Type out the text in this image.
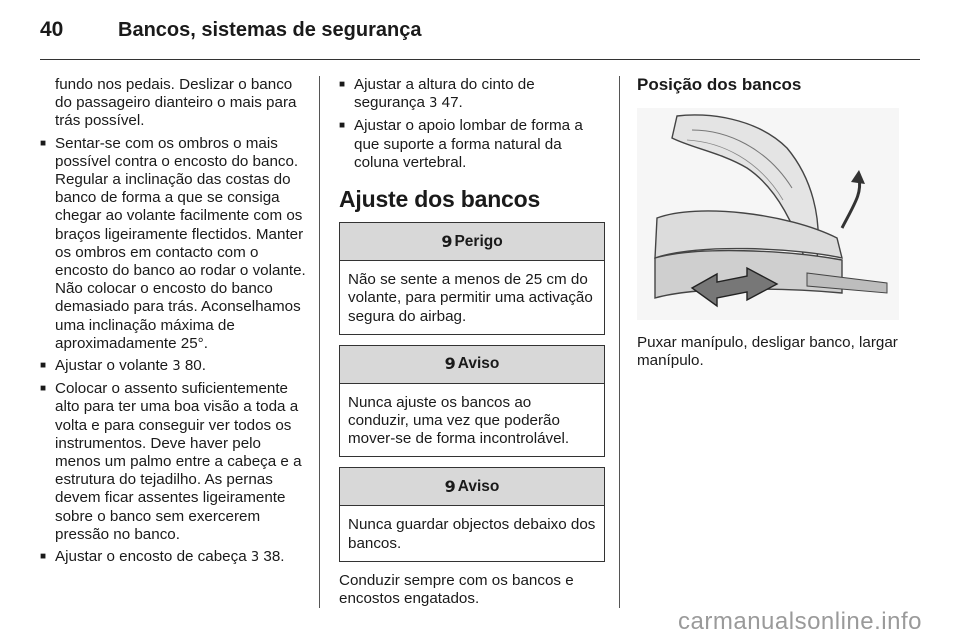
40	Bancos, sistemas de segurança

fundo nos pedais. Deslizar o banco do passageiro dianteiro o mais para trás possível.

■ Sentar-se com os ombros o mais possível contra o encosto do banco. Regular a inclinação das costas do banco de forma a que se consiga chegar ao volante facilmente com os braços ligeiramente flectidos. Manter os ombros em contacto com o encosto do banco ao rodar o volante. Não colocar o encosto do banco demasiado para trás. Aconselhamos uma inclinação máxima de aproximadamente 25°.
■ Ajustar o volante 3 80.
■ Colocar o assento suficientemente alto para ter uma boa visão a toda a volta e para conseguir ver todos os instrumentos. Deve haver pelo menos um palmo entre a cabeça e a estrutura do tejadilho. As pernas devem ficar assentes ligeiramente sobre o banco sem exercerem pressão no banco.
■ Ajustar o encosto de cabeça 3 38.
■ Ajustar a altura do cinto de segurança 3 47.
■ Ajustar o apoio lombar de forma a que suporte a forma natural da coluna vertebral.
Ajuste dos bancos
9 Perigo

Não se sente a menos de 25 cm do volante, para permitir uma activação segura do airbag.

9 Aviso

Nunca ajuste os bancos ao conduzir, uma vez que poderão mover-se de forma incontrolável.

9 Aviso

Nunca guardar objectos debaixo dos bancos.

Conduzir sempre com os bancos e encostos engatados.

Posição dos bancos

Puxar manípulo, desligar banco, largar manípulo.

carmanualsonline.info
